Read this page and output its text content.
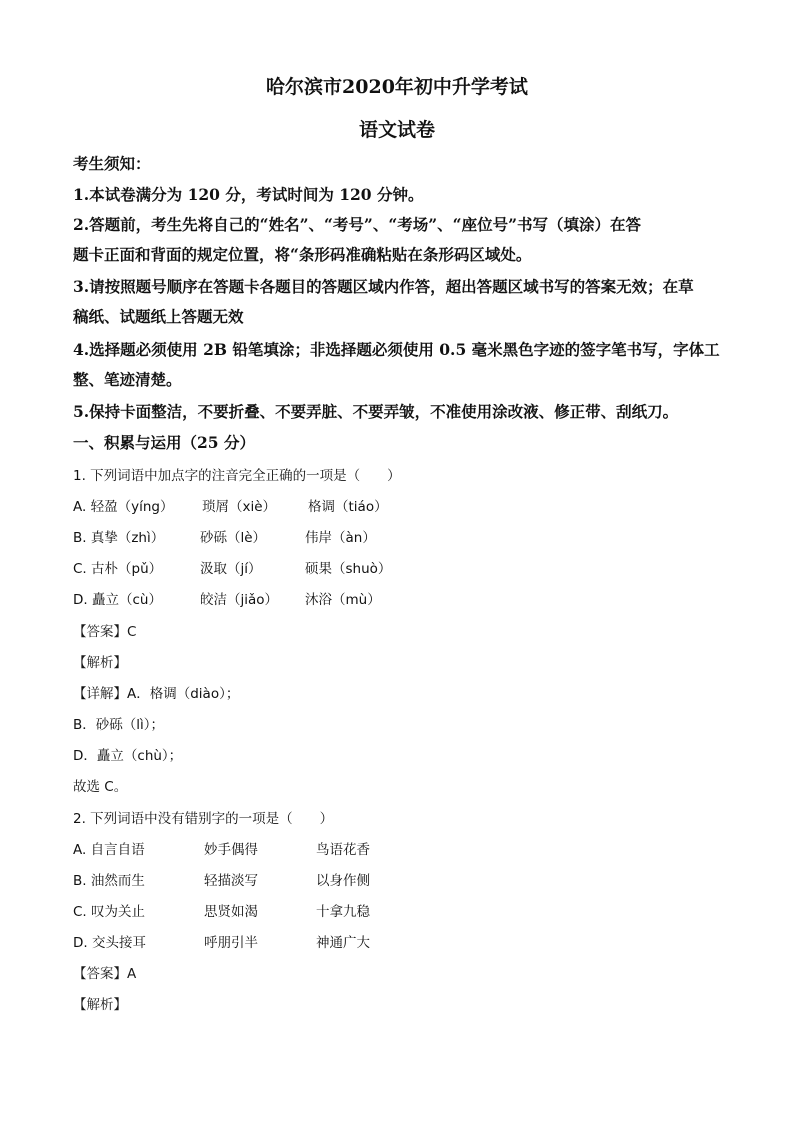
哈尔滨市2020年初中升学考试
语文试卷
考生须知：
1.本试卷满分为 120 分，考试时间为 120 分钟。
2.答题前，考生先将自己的“姓名”、“考号”、“考场”、“座位号”书写（填涂）在答
题卡正面和背面的规定位置，将“条形码准确粘贴在条形码区域处。
3.请按照题号顺序在答题卡各题目的答题区域内作答，超出答题区域书写的答案无效；在草
稿纸、试题纸上答题无效
4.选择题必须使用 2B 铅笔填涂；非选择题必须使用 0.5 毫米黑色字迹的签字笔书写，字体工
整、笔迹清楚。
5.保持卡面整洁，不要折叠、不要弄脏、不要弄皱，不准使用涂改液、修正带、刮纸刀。
一、积累与运用（25 分）
1. 下列词语中加点字的注音完全正确的一项是（　　）
A. 轻盈（yíng） 琐屑（xiè） 格调（tiáo）
B. 真挚（zhì）	砂砾（lè）	伟岸（àn）
C. 古朴（pǔ）	汲取（jí）	硕果（shuò）
D. 矗立（cù）	皎洁（jiǎo） 沐浴（mù）
【答案】C
【解析】
【详解】A．格调（diào）；
B．砂砾（lì）；
D．矗立（chù）；
故选 C。
2. 下列词语中没有错别字的一项是（　　）
A. 自言自语	妙手偶得	鸟语花香
B. 油然而生	轻描淡写	以身作侧
C. 叹为关止	思贤如渴	十拿九稳
D. 交头接耳	呼朋引半	神通广大
【答案】A
【解析】
